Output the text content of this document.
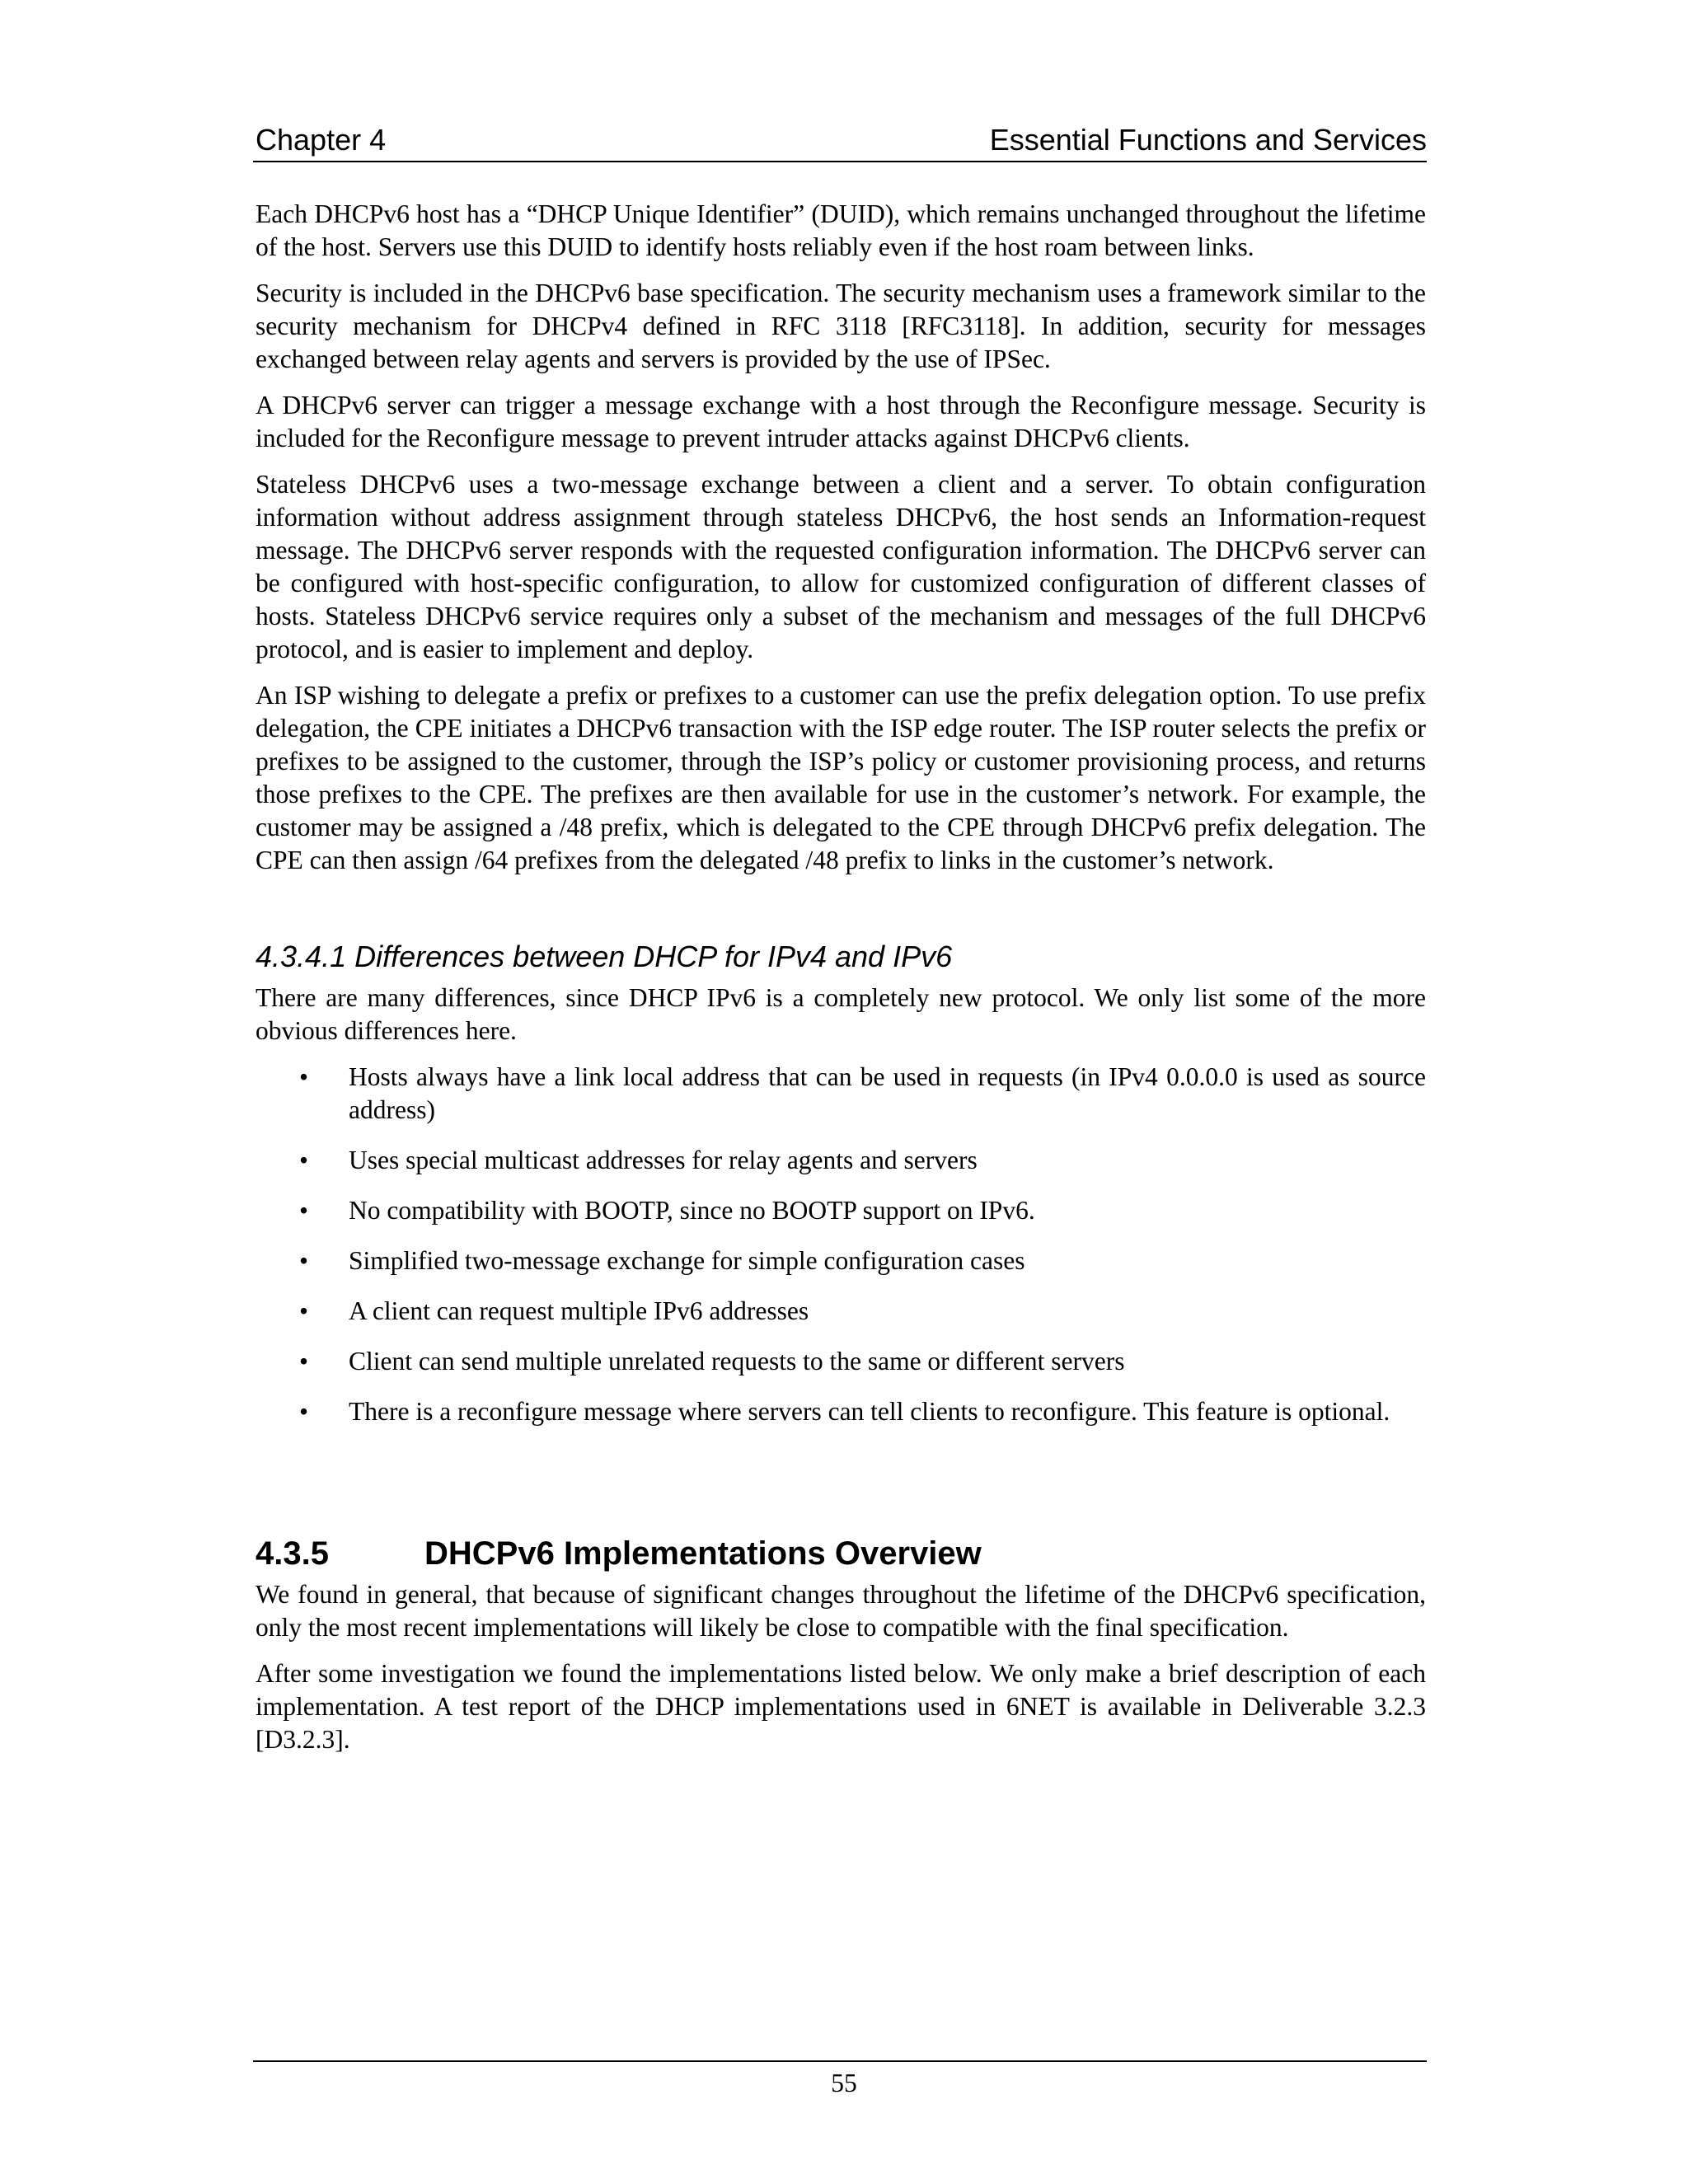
Chapter 4	Essential Functions and Services

Each DHCPv6 host has a “DHCP Unique Identifier” (DUID), which remains unchanged throughout the lifetime of the host. Servers use this DUID to identify hosts reliably even if the host roam between links.

Security is included in the DHCPv6 base specification. The security mechanism uses a framework similar to the security mechanism for DHCPv4 defined in RFC 3118 [RFC3118]. In addition, security for messages exchanged between relay agents and servers is provided by the use of IPSec.

A DHCPv6 server can trigger a message exchange with a host through the Reconfigure message. Security is included for the Reconfigure message to prevent intruder attacks against DHCPv6 clients.

Stateless DHCPv6 uses a two-message exchange between a client and a server. To obtain configuration information without address assignment through stateless DHCPv6, the host sends an Information-request message. The DHCPv6 server responds with the requested configuration information. The DHCPv6 server can be configured with host-specific configuration, to allow for customized configuration of different classes of hosts. Stateless DHCPv6 service requires only a subset of the mechanism and messages of the full DHCPv6 protocol, and is easier to implement and deploy.

An ISP wishing to delegate a prefix or prefixes to a customer can use the prefix delegation option. To use prefix delegation, the CPE initiates a DHCPv6 transaction with the ISP edge router. The ISP router selects the prefix or prefixes to be assigned to the customer, through the ISP’s policy or customer provisioning process, and returns those prefixes to the CPE. The prefixes are then available for use in the customer’s network. For example, the customer may be assigned a /48 prefix, which is delegated to the CPE through DHCPv6 prefix delegation. The CPE can then assign /64 prefixes from the delegated /48 prefix to links in the customer’s network.

4.3.4.1 Differences between DHCP for IPv4 and IPv6

There are many differences, since DHCP IPv6 is a completely new protocol. We only list some of the more obvious differences here.

• Hosts always have a link local address that can be used in requests (in IPv4 0.0.0.0 is used as source address)
• Uses special multicast addresses for relay agents and servers
• No compatibility with BOOTP, since no BOOTP support on IPv6.
• Simplified two-message exchange for simple configuration cases
• A client can request multiple IPv6 addresses
• Client can send multiple unrelated requests to the same or different servers
• There is a reconfigure message where servers can tell clients to reconfigure. This feature is optional.
4.3.5	DHCPv6 Implementations Overview

We found in general, that because of significant changes throughout the lifetime of the DHCPv6 specification, only the most recent implementations will likely be close to compatible with the final specification.

After some investigation we found the implementations listed below. We only make a brief description of each implementation. A test report of the DHCP implementations used in 6NET is available in Deliverable 3.2.3 [D3.2.3].

55
